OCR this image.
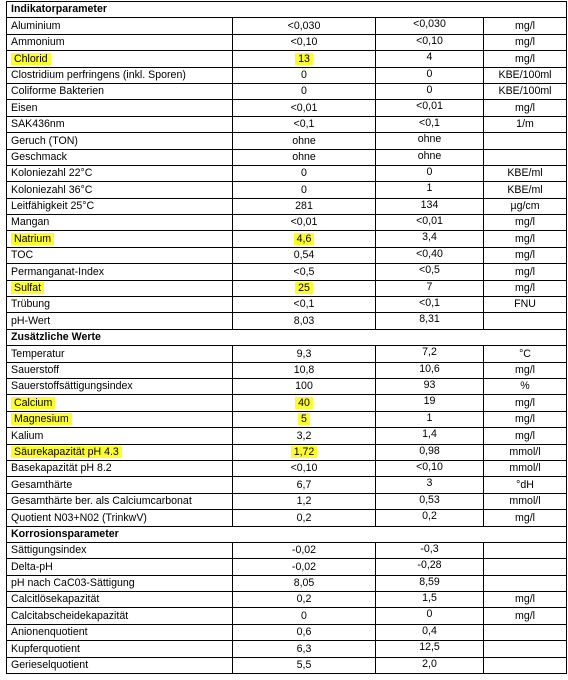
Indikatorparameter			
Aluminium	<0,030	<0,030	mg/l
Ammonium	<0,10	<0,10	mg/l
Chlorid	13	4	mg/l
Clostridium perfringens (inkl. Sporen)	0	0	KBE/100ml
Coliforme Bakterien	0	0	KBE/100ml
Eisen	<0,01	<0,01	mg/l
SAK436nm	<0,1	<0,1	1/m
Geruch (TON)	ohne	ohne	
Geschmack	ohne	ohne	
Koloniezahl 22°C	0	0	KBE/ml
Koloniezahl 36°C	0	1	KBE/ml
Leitfähigkeit 25°C	281	134	µg/cm
Mangan	<0,01	<0,01	mg/l
Natrium	4,6	3,4	mg/l
TOC	0,54	<0,40	mg/l
Permanganat-Index	<0,5	<0,5	mg/l
Sulfat	25	7	mg/l
Trübung	<0,1	<0,1	FNU
pH-Wert	8,03	8,31	
Zusätzliche Werte			
Temperatur	9,3	7,2	°C
Sauerstoff	10,8	10,6	mg/l
Sauerstoffsättigungsindex	100	93	%
Calcium	40	19	mg/l
Magnesium	5	1	mg/l
Kalium	3,2	1,4	mg/l
Säurekapazität pH 4.3	1,72	0,98	mmol/l
Basekapazität pH 8.2	<0,10	<0,10	mmol/l
Gesamthärte	6,7	3	°dH
Gesamthärte ber. als Calciumcarbonat	1,2	0,53	mmol/l
Quotient N03+N02 (TrinkwV)	0,2	0,2	mg/l
Korrosionsparameter			
Sättigungsindex	-0,02	-0,3	
Delta-pH	-0,02	-0,28	
pH nach CaC03-Sättigung	8,05	8,59	
Calcitlösekapazität	0,2	1,5	mg/l
Calcitabscheidekapazität	0	0	mg/l
Anionenquotient	0,6	0,4	
Kupferquotient	6,3	12,5	
Gerieselquotient	5,5	2,0	
